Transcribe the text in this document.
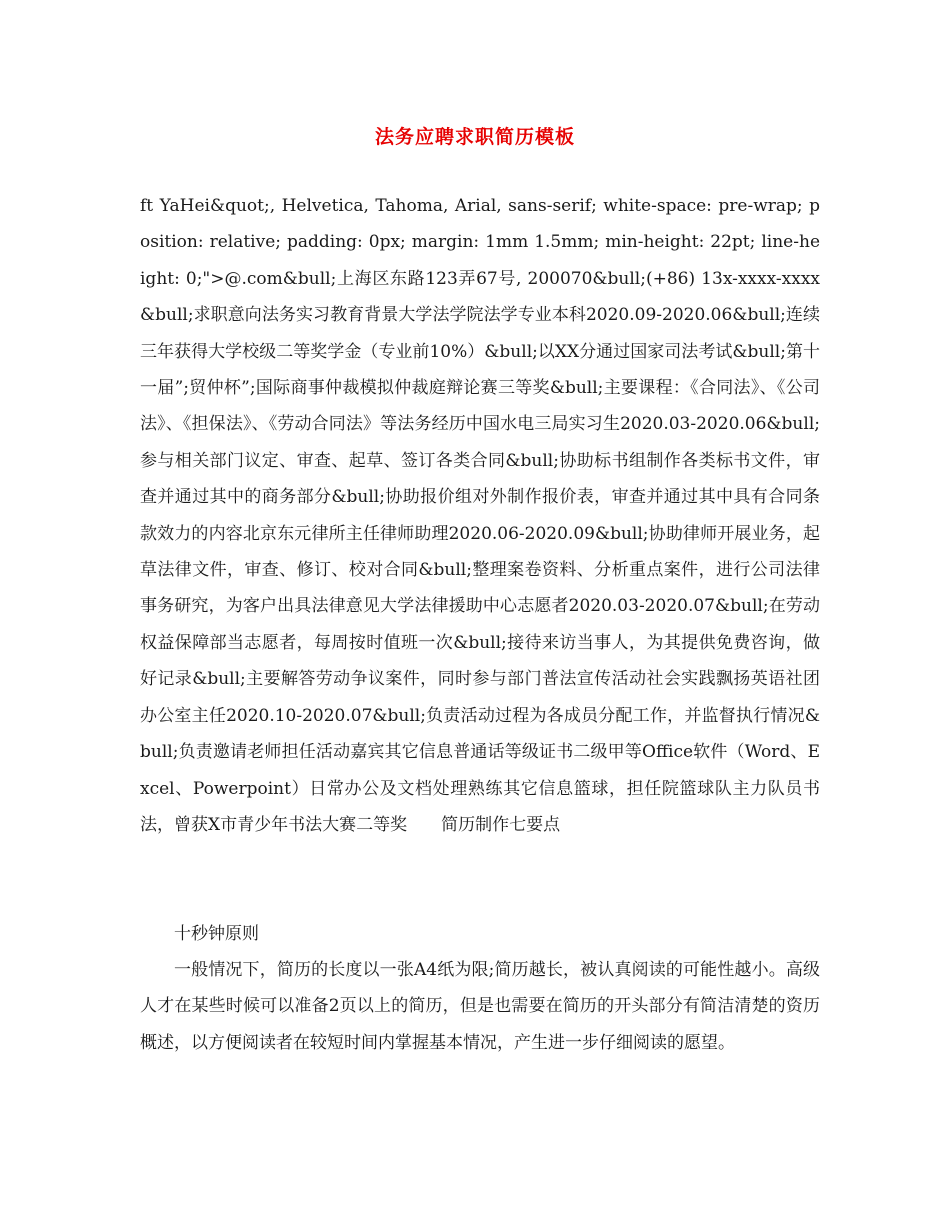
法务应聘求职简历模板

ft YaHei&quot;, Helvetica, Tahoma, Arial, sans-serif; white-space: pre-wrap; position: relative; padding: 0px; margin: 1mm 1.5mm; min-height: 22pt; line-height: 0;">@.com&bull;上海区东路123弄67号, 200070&bull;(+86) 13x-xxxx-xxxx&bull;求职意向法务实习教育背景大学法学院法学专业本科2020.09-2020.06&bull;连续三年获得大学校级二等奖学金（专业前10%）&bull;以XX分通过国家司法考试&bull;第十一届”;贸仲杯”;国际商事仲裁模拟仲裁庭辩论赛三等奖&bull;主要课程：《合同法》、《公司法》、《担保法》、《劳动合同法》等法务经历中国水电三局实习生2020.03-2020.06&bull;参与相关部门议定、审查、起草、签订各类合同&bull;协助标书组制作各类标书文件，审查并通过其中的商务部分&bull;协助报价组对外制作报价表，审查并通过其中具有合同条款效力的内容北京东元律所主任律师助理2020.06-2020.09&bull;协助律师开展业务，起草法律文件，审查、修订、校对合同&bull;整理案卷资料、分析重点案件，进行公司法律事务研究，为客户出具法律意见大学法律援助中心志愿者2020.03-2020.07&bull;在劳动权益保障部当志愿者，每周按时值班一次&bull;接待来访当事人，为其提供免费咨询，做好记录&bull;主要解答劳动争议案件，同时参与部门普法宣传活动社会实践飘扬英语社团 办公室主任2020.10-2020.07&bull;负责活动过程为各成员分配工作，并监督执行情况&bull;负责邀请老师担任活动嘉宾其它信息普通话等级证书二级甲等Office软件（Word、Excel、Powerpoint）日常办公及文档处理熟练其它信息篮球，担任院篮球队主力队员书法，曾获X市青少年书法大赛二等奖　　简历制作七要点

十秒钟原则

一般情况下，简历的长度以一张A4纸为限;简历越长，被认真阅读的可能性越小。高级人才在某些时候可以准备2页以上的简历，但是也需要在简历的开头部分有简洁清楚的资历概述，以方便阅读者在较短时间内掌握基本情况，产生进一步仔细阅读的愿望。
